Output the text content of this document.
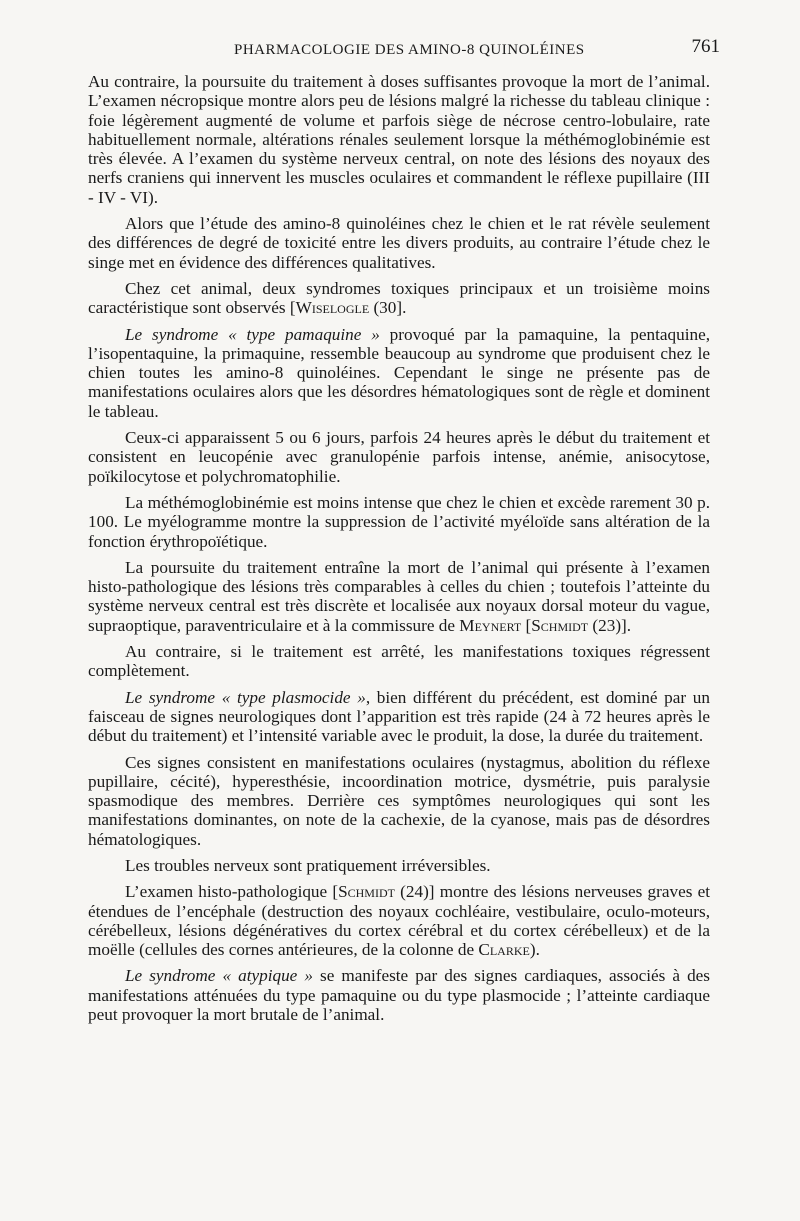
PHARMACOLOGIE DES AMINO-8 QUINOLÉINES	761

Au contraire, la poursuite du traitement à doses suffisantes provoque la mort de l’animal. L’examen nécropsique montre alors peu de lésions malgré la richesse du tableau clinique : foie légèrement augmenté de volume et parfois siège de nécrose centro-lobulaire, rate habituellement normale, altérations rénales seulement lorsque la méthémoglobinémie est très élevée. A l’examen du système nerveux central, on note des lésions des noyaux des nerfs craniens qui innervent les muscles oculaires et commandent le réflexe pupillaire (III - IV - VI).

Alors que l’étude des amino-8 quinoléines chez le chien et le rat révèle seulement des différences de degré de toxicité entre les divers produits, au contraire l’étude chez le singe met en évidence des différences qualitatives.

Chez cet animal, deux syndromes toxiques principaux et un troisième moins caractéristique sont observés [Wiselogle (30].

Le syndrome « type pamaquine » provoqué par la pamaquine, la pentaquine, l’isopentaquine, la primaquine, ressemble beaucoup au syndrome que produisent chez le chien toutes les amino-8 quinoléines. Cependant le singe ne présente pas de manifestations oculaires alors que les désordres hématologiques sont de règle et dominent le tableau.

Ceux-ci apparaissent 5 ou 6 jours, parfois 24 heures après le début du traitement et consistent en leucopénie avec granulopénie parfois intense, anémie, anisocytose, poïkilocytose et polychromatophilie.

La méthémoglobinémie est moins intense que chez le chien et excède rarement 30 p. 100. Le myélogramme montre la suppression de l’activité myéloïde sans altération de la fonction érythropoïétique.

La poursuite du traitement entraîne la mort de l’animal qui présente à l’examen histo-pathologique des lésions très comparables à celles du chien ; toutefois l’atteinte du système nerveux central est très discrète et localisée aux noyaux dorsal moteur du vague, supraoptique, paraventriculaire et à la commissure de Meynert [Schmidt (23)].

Au contraire, si le traitement est arrêté, les manifestations toxiques régressent complètement.

Le syndrome « type plasmocide », bien différent du précédent, est dominé par un faisceau de signes neurologiques dont l’apparition est très rapide (24 à 72 heures après le début du traitement) et l’intensité variable avec le produit, la dose, la durée du traitement.

Ces signes consistent en manifestations oculaires (nystagmus, abolition du réflexe pupillaire, cécité), hyperesthésie, incoordination motrice, dysmétrie, puis paralysie spasmodique des membres. Derrière ces symptômes neurologiques qui sont les manifestations dominantes, on note de la cachexie, de la cyanose, mais pas de désordres hématologiques.

Les troubles nerveux sont pratiquement irréversibles.

L’examen histo-pathologique [Schmidt (24)] montre des lésions nerveuses graves et étendues de l’encéphale (destruction des noyaux cochléaire, vestibulaire, oculo-moteurs, cérébelleux, lésions dégénératives du cortex cérébral et du cortex cérébelleux) et de la moëlle (cellules des cornes antérieures, de la colonne de Clarke).

Le syndrome « atypique » se manifeste par des signes cardiaques, associés à des manifestations atténuées du type pamaquine ou du type plasmocide ; l’atteinte cardiaque peut provoquer la mort brutale de l’animal.
